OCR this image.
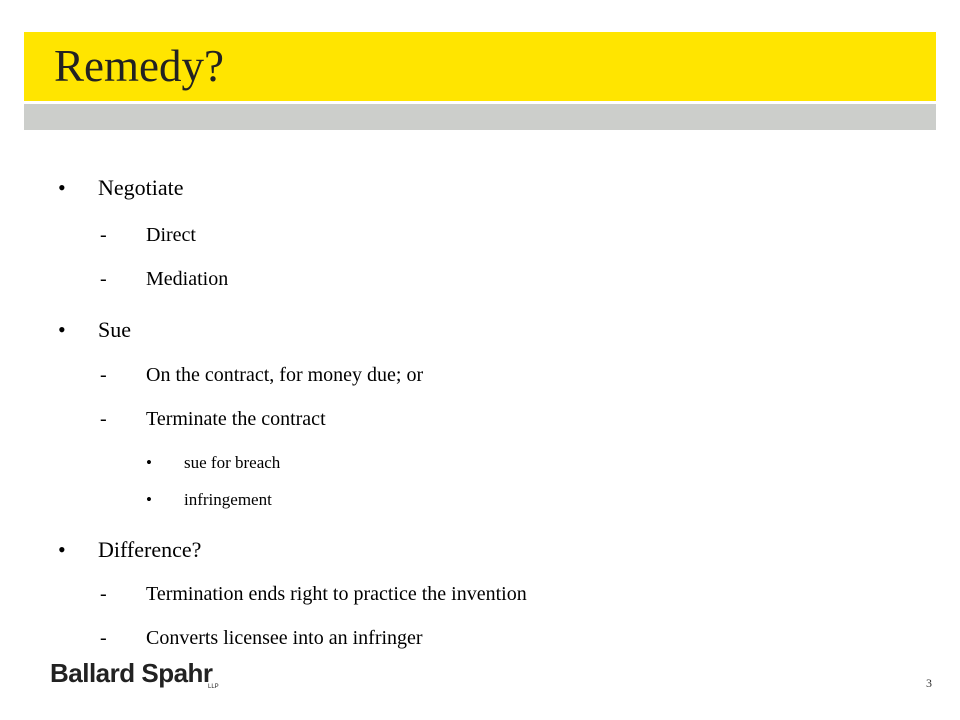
Remedy?
• Negotiate
- Direct
- Mediation
• Sue
- On the contract, for money due; or
- Terminate the contract
• sue for breach
• infringement
• Difference?
- Termination ends right to practice the invention
- Converts licensee into an infringer
Ballard Spahr
LLP	3
